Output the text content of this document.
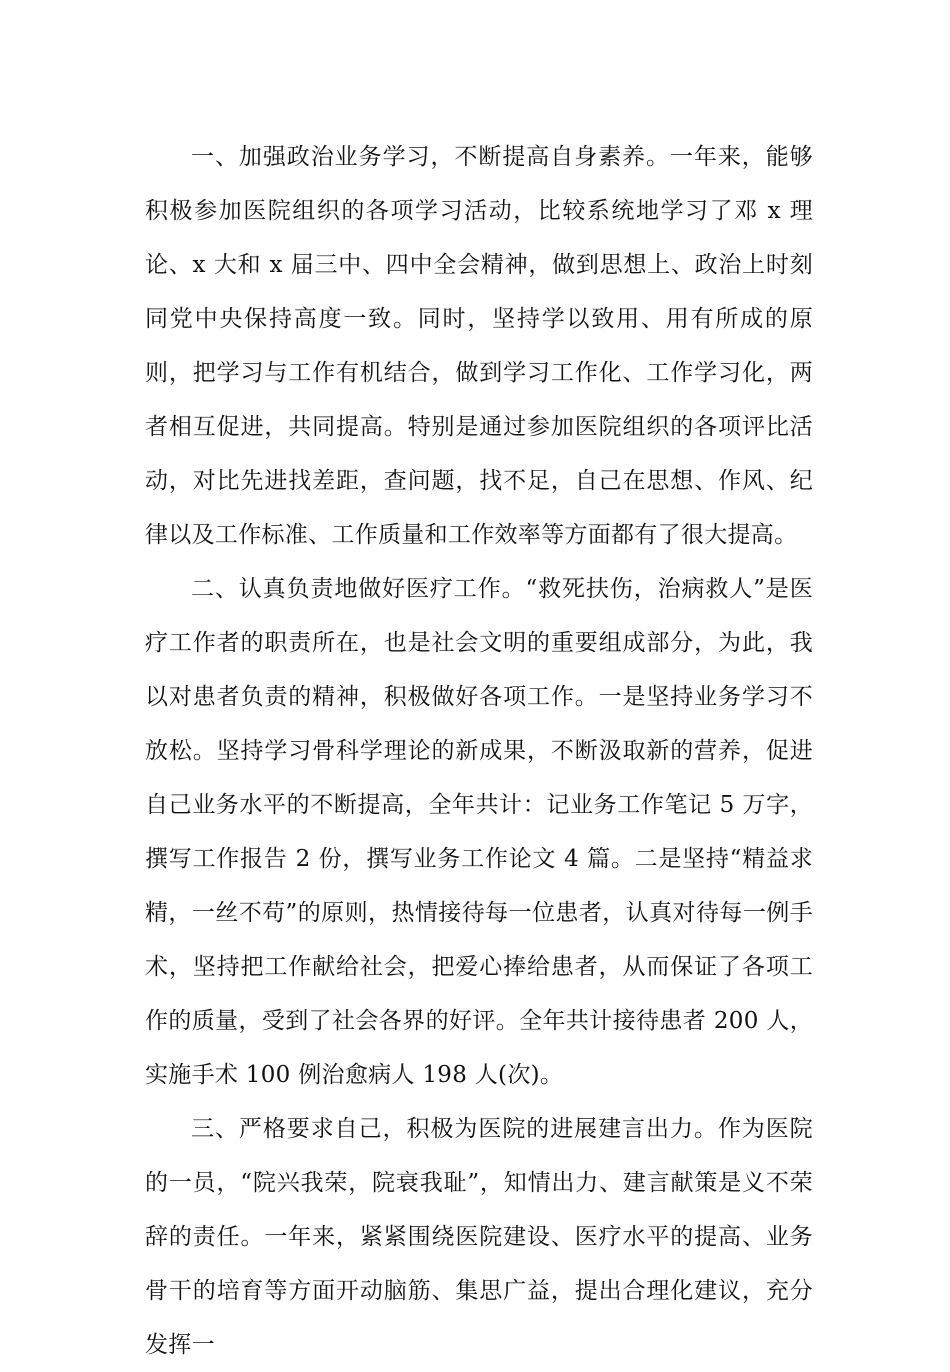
一、加强政治业务学习，不断提高自身素养。一年来，能够积极参加医院组织的各项学习活动，比较系统地学习了邓 x 理论、x 大和 x 届三中、四中全会精神，做到思想上、政治上时刻同党中央保持高度一致。同时，坚持学以致用、用有所成的原则，把学习与工作有机结合，做到学习工作化、工作学习化，两者相互促进，共同提高。特别是通过参加医院组织的各项评比活动，对比先进找差距，查问题，找不足，自己在思想、作风、纪律以及工作标准、工作质量和工作效率等方面都有了很大提高。

二、认真负责地做好医疗工作。“救死扶伤，治病救人”是医疗工作者的职责所在，也是社会文明的重要组成部分，为此，我以对患者负责的精神，积极做好各项工作。一是坚持业务学习不放松。坚持学习骨科学理论的新成果，不断汲取新的营养，促进自己业务水平的不断提高，全年共计：记业务工作笔记 5 万字，撰写工作报告 2 份，撰写业务工作论文 4 篇。二是坚持“精益求精，一丝不苟”的原则，热情接待每一位患者，认真对待每一例手术，坚持把工作献给社会，把爱心捧给患者，从而保证了各项工作的质量，受到了社会各界的好评。全年共计接待患者 200 人，实施手术 100 例治愈病人 198 人(次)。

三、严格要求自己，积极为医院的进展建言出力。作为医院的一员，“院兴我荣，院衰我耻”，知情出力、建言献策是义不荣辞的责任。一年来，紧紧围绕医院建设、医疗水平的提高、业务骨干的培育等方面开动脑筋、集思广益，提出合理化建议，充分发挥一
